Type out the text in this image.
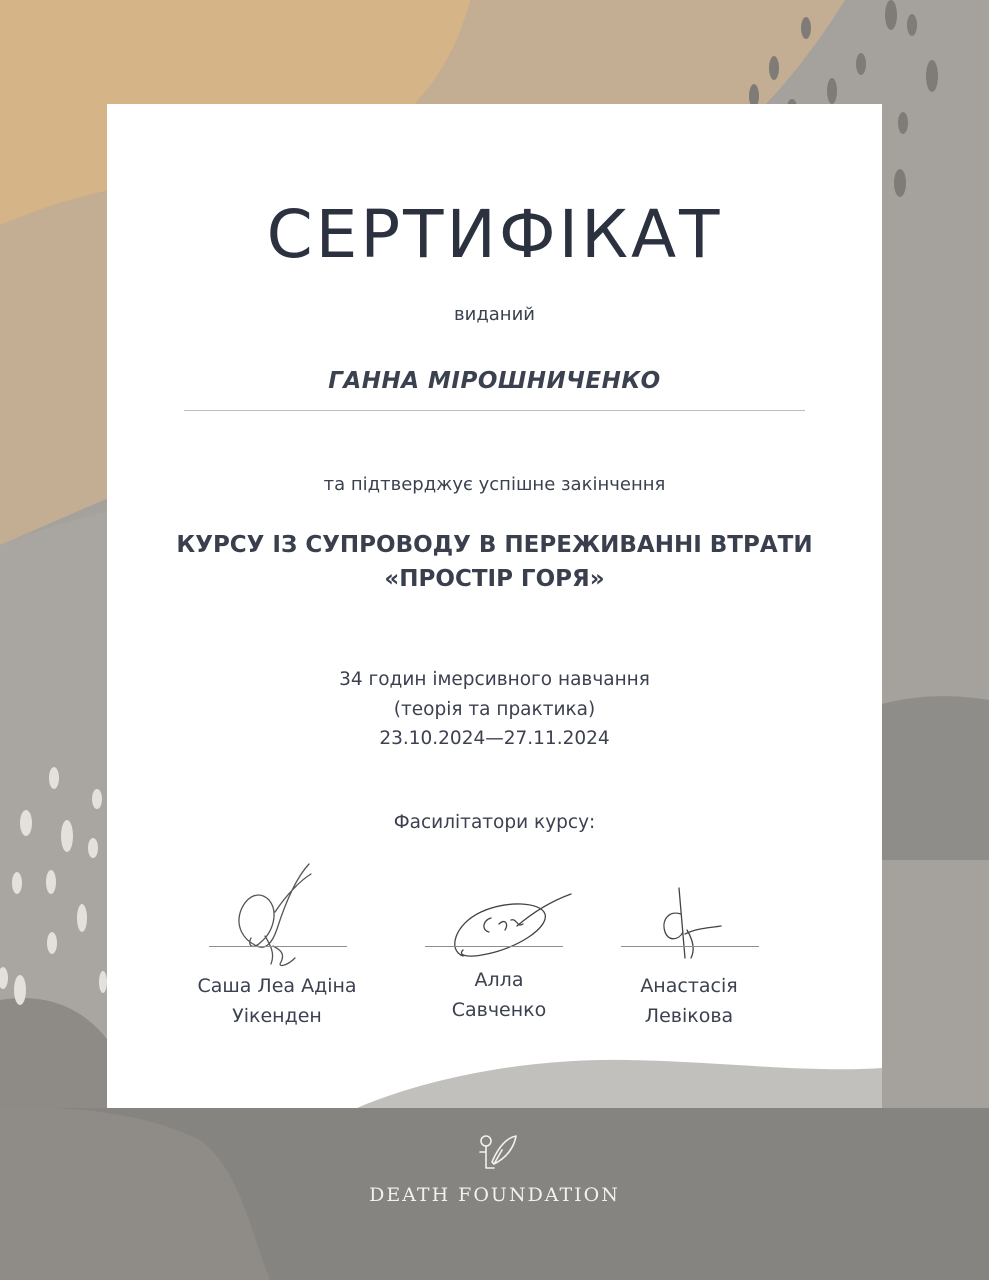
СЕРТИФІКАТ
виданий
ГАННА МІРОШНИЧЕНКО
та підтверджує успішне закінчення
КУРСУ ІЗ СУПРОВОДУ В ПЕРЕЖИВАННІ ВТРАТИ
«ПРОСТІР ГОРЯ»
34 годин імерсивного навчання
(теорія та практика)
23.10.2024—27.11.2024
Фасилітатори курсу:
Саша Леа Адіна
Уікенден
Алла
Савченко
Анастасія
Левікова
DEATH FOUNDATION
